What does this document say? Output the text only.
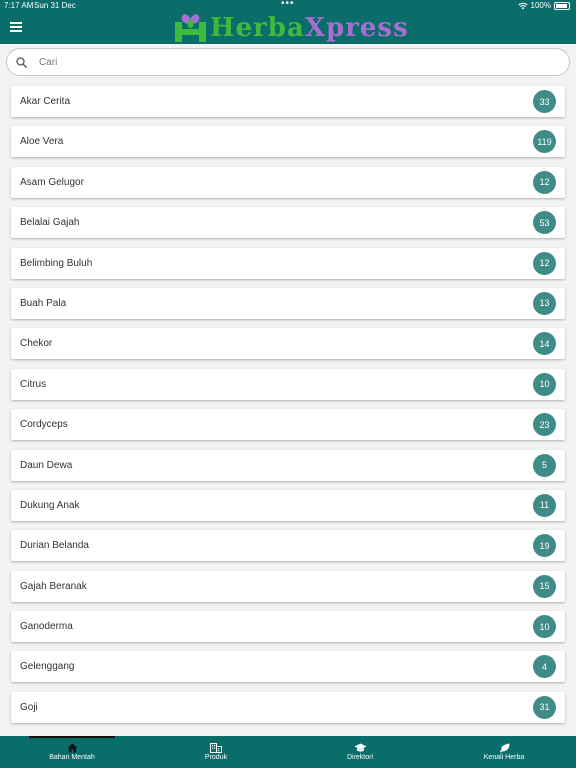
7:17 AM Sun 31 Dec	•••	100%
HerbaXpress
Cari
Akar Cerita	33
Aloe Vera	119
Asam Gelugor	12
Belalai Gajah	53
Belimbing Buluh	12
Buah Pala	13
Chekor	14
Citrus	10
Cordyceps	23
Daun Dewa	5
Dukung Anak	11
Durian Belanda	19
Gajah Beranak	15
Ganoderma	10
Gelenggang	4
Goji	31
Bahan Mentah	Produk	Direktori	Kenali Herba
